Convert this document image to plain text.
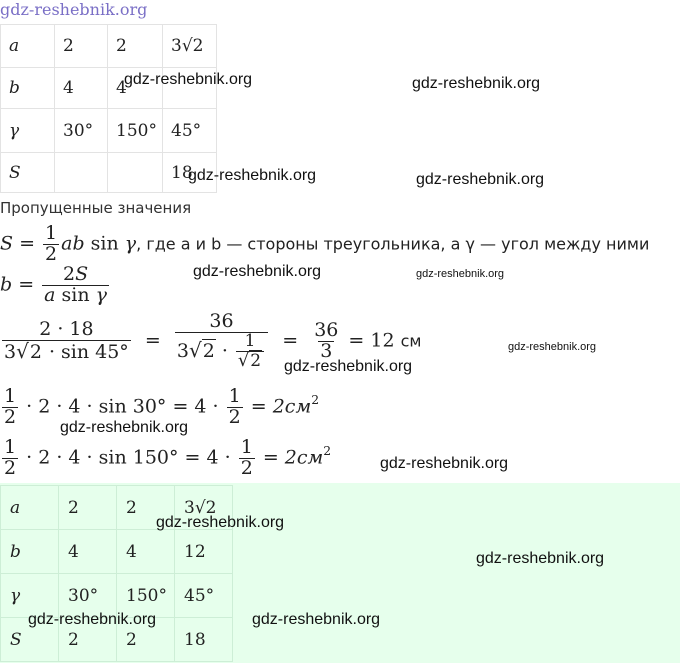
gdz-reshebnik.org
a	2	2	3√2
b	4	4	
γ	30°	150°	45°
S			18
Пропущенные значения
$S = \frac{1}{2}$ ab sin γ, где a и b — стороны треугольника, а γ — угол между ними
$b = \frac{2S}{\text{a sin γ}}$
$\frac{2 \cdot 18}{3√2 \cdot \sin 45^\circ} = \frac{36}{3√2 \cdot \frac{1}{√2}} = \frac{36}{3} = 12$ см
$\frac{1}{2} \cdot 2 \cdot 4 \cdot \sin 30^\circ = 4 \cdot \frac{1}{2} = 2см^2$
$\frac{1}{2} \cdot 2 \cdot 4 \cdot \sin 150^\circ = 4 \cdot \frac{1}{2} = 2см^2$
a	2	2	3√2
b	4	4	12
γ	30°	150°	45°
S	2	2	18
gdz-reshebnik.org	gdz-reshebnik.org
gdz-reshebnik.org	gdz-reshebnik.org
gdz-reshebnik.org	gdz-reshebnik.org
gdz-reshebnik.org
gdz-reshebnik.org
gdz-reshebnik.org
gdz-reshebnik.org
gdz-reshebnik.org
gdz-reshebnik.org
gdz-reshebnik.org	gdz-reshebnik.org
